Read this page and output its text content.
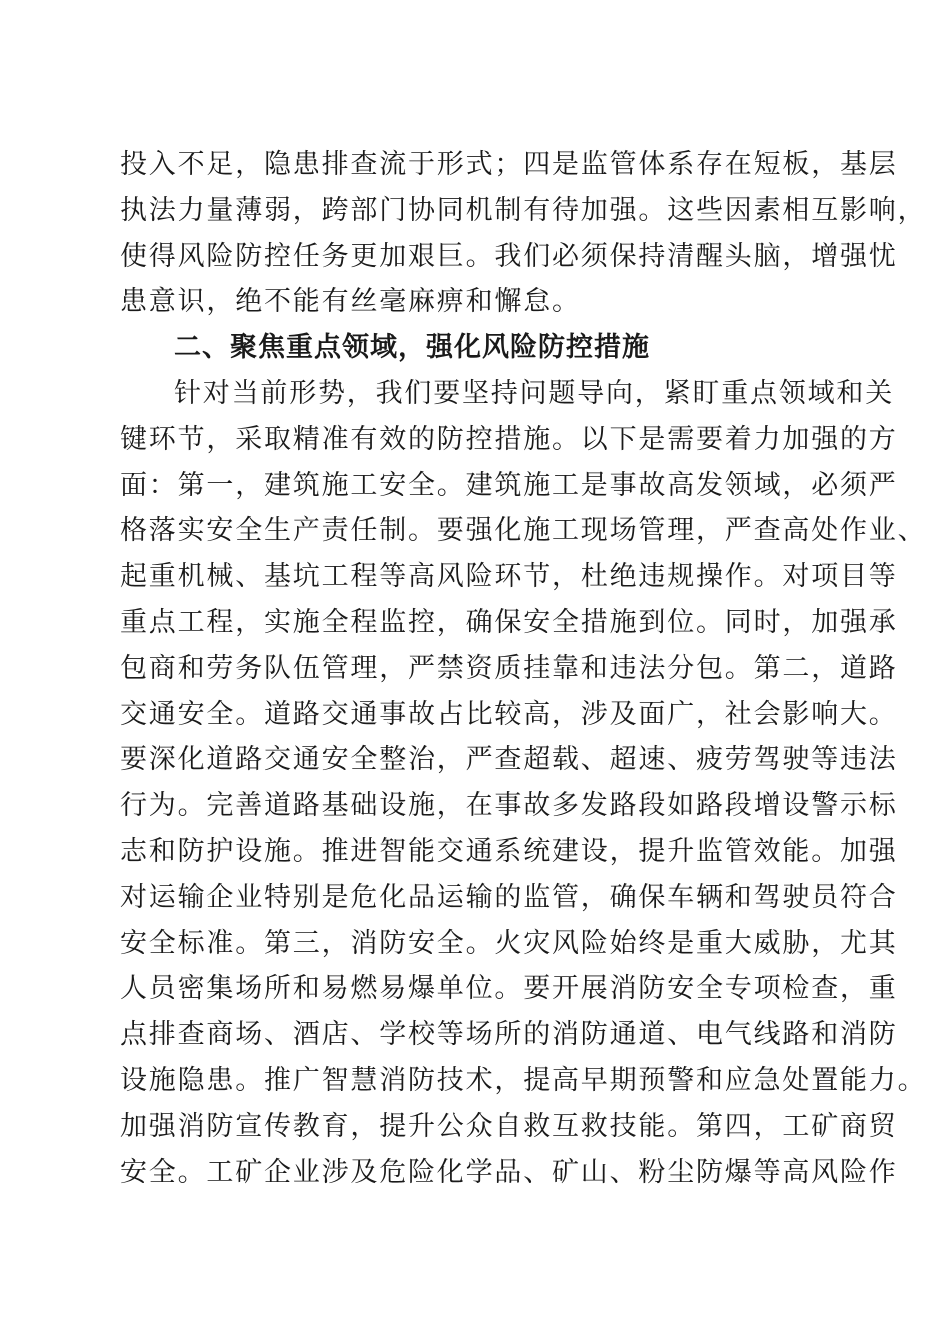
投入不足，隐患排查流于形式；四是监管体系存在短板，基层
执法力量薄弱，跨部门协同机制有待加强。这些因素相互影响，
使得风险防控任务更加艰巨。我们必须保持清醒头脑，增强忧
患意识，绝不能有丝毫麻痹和懈怠。
二、聚焦重点领域，强化风险防控措施
针对当前形势，我们要坚持问题导向，紧盯重点领域和关
键环节，采取精准有效的防控措施。以下是需要着力加强的方
面：第一，建筑施工安全。建筑施工是事故高发领域，必须严
格落实安全生产责任制。要强化施工现场管理，严查高处作业、
起重机械、基坑工程等高风险环节，杜绝违规操作。对项目等
重点工程，实施全程监控，确保安全措施到位。同时，加强承
包商和劳务队伍管理，严禁资质挂靠和违法分包。第二，道路
交通安全。道路交通事故占比较高，涉及面广，社会影响大。
要深化道路交通安全整治，严查超载、超速、疲劳驾驶等违法
行为。完善道路基础设施，在事故多发路段如路段增设警示标
志和防护设施。推进智能交通系统建设，提升监管效能。加强
对运输企业特别是危化品运输的监管，确保车辆和驾驶员符合
安全标准。第三，消防安全。火灾风险始终是重大威胁，尤其
人员密集场所和易燃易爆单位。要开展消防安全专项检查，重
点排查商场、酒店、学校等场所的消防通道、电气线路和消防
设施隐患。推广智慧消防技术，提高早期预警和应急处置能力。
加强消防宣传教育，提升公众自救互救技能。第四，工矿商贸
安全。工矿企业涉及危险化学品、矿山、粉尘防爆等高风险作
